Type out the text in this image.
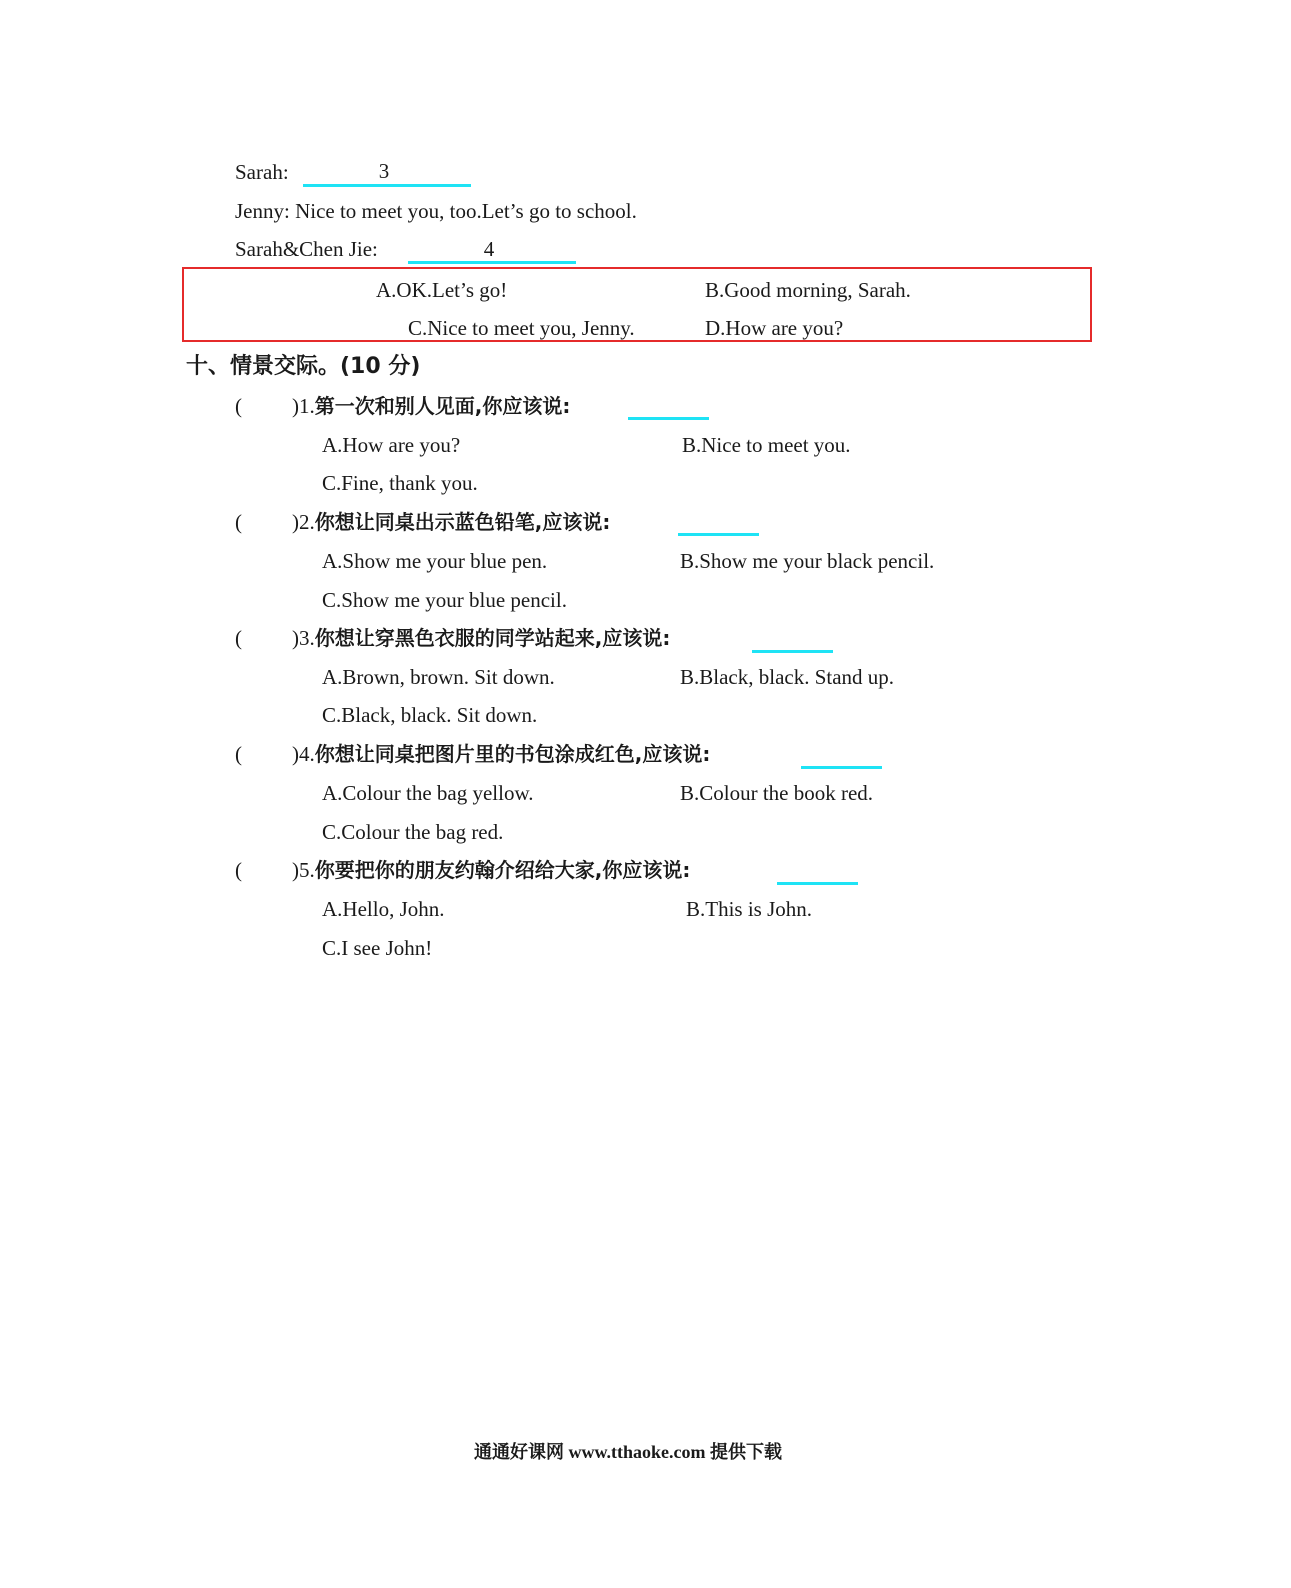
Sarah:	3
Jenny: Nice to meet you, too.Let’s go to school.
Sarah&Chen Jie:	4
A.OK.Let’s go!	B.Good morning, Sarah.
C.Nice to meet you, Jenny.	D.How are you?
十、情景交际。(10 分)
( )1.第一次和别人见面,你应该说:
A.How are you?	B.Nice to meet you.
C.Fine, thank you.
( )2.你想让同桌出示蓝色铅笔,应该说:
A.Show me your blue pen.	B.Show me your black pencil.
C.Show me your blue pencil.
( )3.你想让穿黑色衣服的同学站起来,应该说:
A.Brown, brown. Sit down.	B.Black, black. Stand up.
C.Black, black. Sit down.
( )4.你想让同桌把图片里的书包涂成红色,应该说:
A.Colour the bag yellow.	B.Colour the book red.
C.Colour the bag red.
( )5.你要把你的朋友约翰介绍给大家,你应该说:
A.Hello, John.	B.This is John.
C.I see John!
通通好课网 www.tthaoke.com 提供下载
